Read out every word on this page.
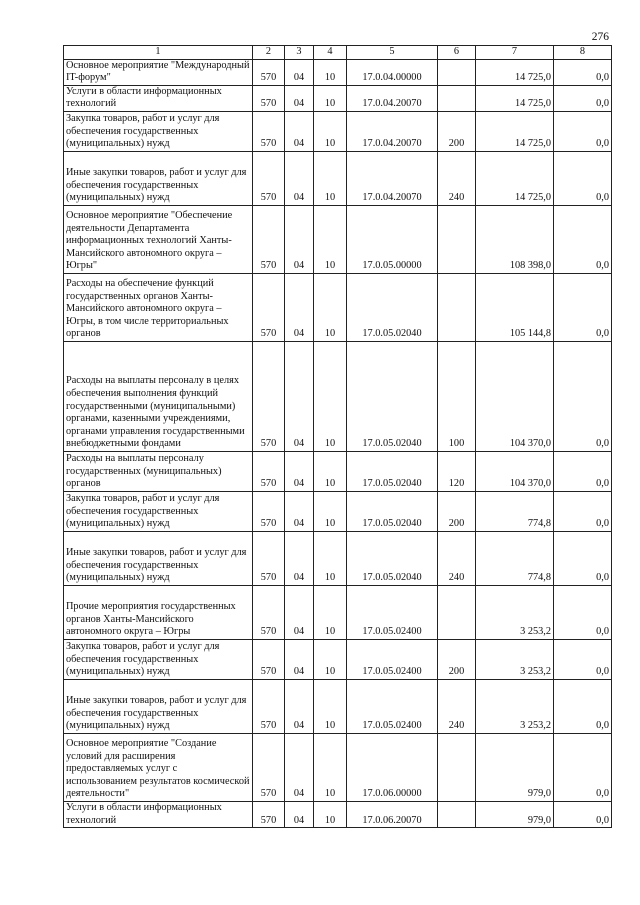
276
1	2	3	4	5	6	7	8
Основное мероприятие "Международный IT-форум"	570	04	10	17.0.04.00000		14 725,0	0,0
Услуги в области информационных технологий	570	04	10	17.0.04.20070		14 725,0	0,0
Закупка товаров, работ и услуг для обеспечения государственных (муниципальных) нужд	570	04	10	17.0.04.20070	200	14 725,0	0,0
Иные закупки товаров, работ и услуг для обеспечения государственных (муниципальных) нужд	570	04	10	17.0.04.20070	240	14 725,0	0,0
Основное мероприятие "Обеспечение деятельности Департамента информационных технологий Ханты-Мансийского автономного округа – Югры"	570	04	10	17.0.05.00000		108 398,0	0,0
Расходы на обеспечение функций государственных органов Ханты-Мансийского автономного округа – Югры, в том числе территориальных органов	570	04	10	17.0.05.02040		105 144,8	0,0
Расходы на выплаты персоналу в целях обеспечения выполнения функций государственными (муниципальными) органами, казенными учреждениями, органами управления государственными внебюджетными фондами	570	04	10	17.0.05.02040	100	104 370,0	0,0
Расходы на выплаты персоналу государственных (муниципальных) органов	570	04	10	17.0.05.02040	120	104 370,0	0,0
Закупка товаров, работ и услуг для обеспечения государственных (муниципальных) нужд	570	04	10	17.0.05.02040	200	774,8	0,0
Иные закупки товаров, работ и услуг для обеспечения государственных (муниципальных) нужд	570	04	10	17.0.05.02040	240	774,8	0,0
Прочие мероприятия государственных органов Ханты-Мансийского автономного округа – Югры	570	04	10	17.0.05.02400		3 253,2	0,0
Закупка товаров, работ и услуг для обеспечения государственных (муниципальных) нужд	570	04	10	17.0.05.02400	200	3 253,2	0,0
Иные закупки товаров, работ и услуг для обеспечения государственных (муниципальных) нужд	570	04	10	17.0.05.02400	240	3 253,2	0,0
Основное мероприятие "Создание условий для расширения предоставляемых услуг с использованием результатов космической деятельности"	570	04	10	17.0.06.00000		979,0	0,0
Услуги в области информационных технологий	570	04	10	17.0.06.20070		979,0	0,0
